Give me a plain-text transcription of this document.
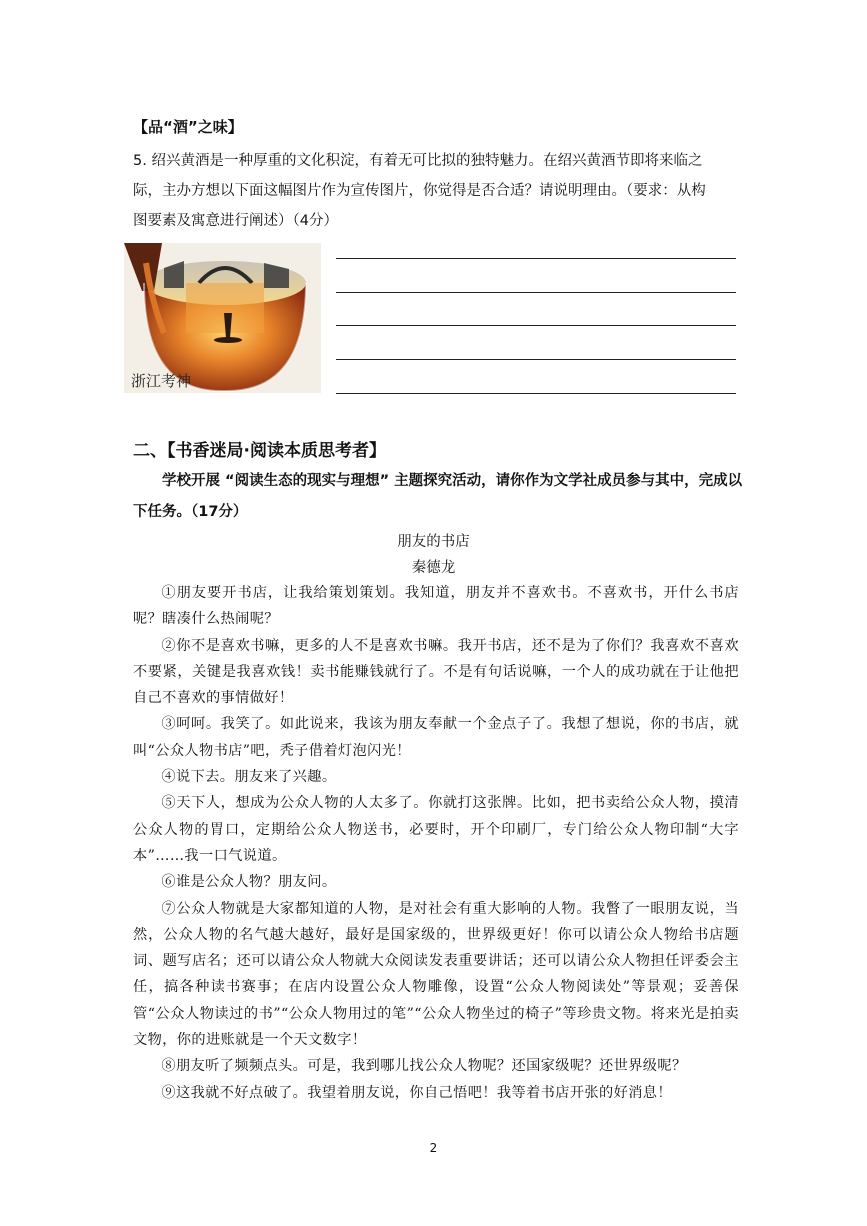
【品“酒”之味】

5. 绍兴黄酒是一种厚重的文化积淀，有着无可比拟的独特魅力。在绍兴黄酒节即将来临之

际，主办方想以下面这幅图片作为宣传图片，你觉得是否合适？请说明理由。（要求：从构

图要素及寓意进行阐述）（4分）

浙江考神
二、【书香迷局·阅读本质思考者】

学校开展 “阅读生态的现实与理想” 主题探究活动，请你作为文学社成员参与其中，完成以下任务。（17分）

朋友的书店
秦德龙

①朋友要开书店，让我给策划策划。我知道，朋友并不喜欢书。不喜欢书，开什么书店呢？瞎凑什么热闹呢？

②你不是喜欢书嘛，更多的人不是喜欢书嘛。我开书店，还不是为了你们？我喜欢不喜欢不要紧，关键是我喜欢钱！卖书能赚钱就行了。不是有句话说嘛，一个人的成功就在于让他把自己不喜欢的事情做好！

③呵呵。我笑了。如此说来，我该为朋友奉献一个金点子了。我想了想说，你的书店，就叫“公众人物书店”吧，秃子借着灯泡闪光！

④说下去。朋友来了兴趣。

⑤天下人，想成为公众人物的人太多了。你就打这张牌。比如，把书卖给公众人物，摸清公众人物的胃口，定期给公众人物送书，必要时，开个印刷厂，专门给公众人物印制“大字本”……我一口气说道。

⑥谁是公众人物？朋友问。

⑦公众人物就是大家都知道的人物，是对社会有重大影响的人物。我瞥了一眼朋友说，当然，公众人物的名气越大越好，最好是国家级的，世界级更好！你可以请公众人物给书店题词、题写店名；还可以请公众人物就大众阅读发表重要讲话；还可以请公众人物担任评委会主任，搞各种读书赛事；在店内设置公众人物雕像，设置“公众人物阅读处”等景观；妥善保管“公众人物读过的书”“公众人物用过的笔”“公众人物坐过的椅子”等珍贵文物。将来光是拍卖文物，你的进账就是一个天文数字！

⑧朋友听了频频点头。可是，我到哪儿找公众人物呢？还国家级呢？还世界级呢？

⑨这我就不好点破了。我望着朋友说，你自己悟吧！我等着书店开张的好消息！

2
